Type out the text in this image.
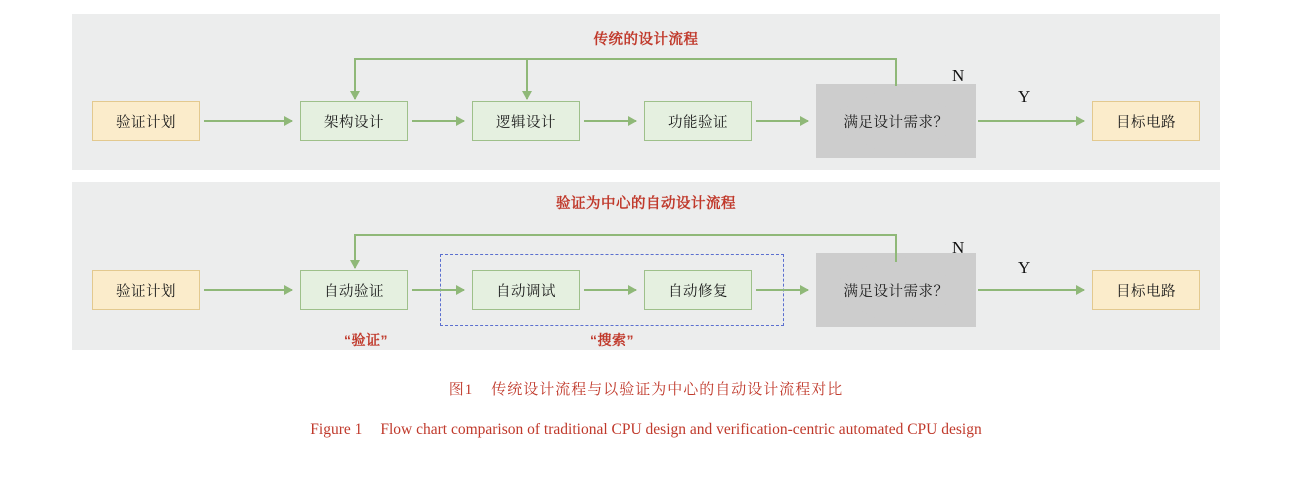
传统的设计流程
验证计划	架构设计	逻辑设计	功能验证	满足设计需求？	目标电路
N
Y
验证为中心的自动设计流程
验证计划	自动验证	自动调试	自动修复	满足设计需求？	目标电路
N
Y
“验证”	“搜索”
图1 传统设计流程与以验证为中心的自动设计流程对比
Figure 1 Flow chart comparison of traditional CPU design and verification-centric automated CPU design
